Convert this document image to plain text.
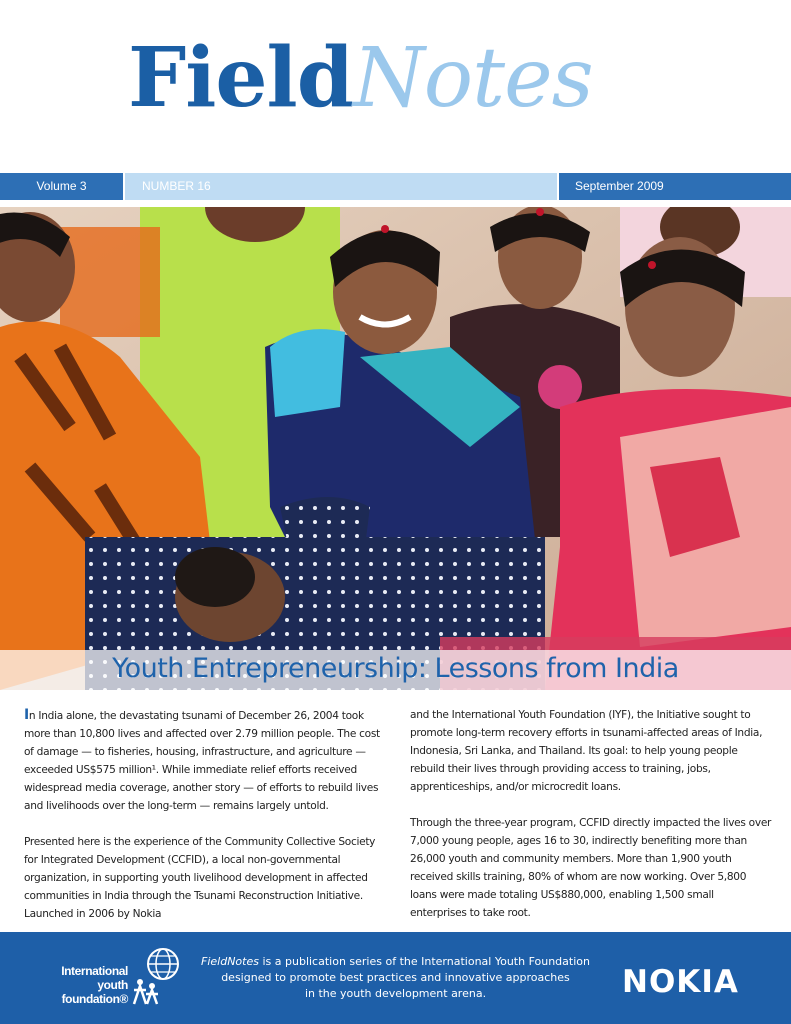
FieldNotes
Volume 3	NUMBER 16	September 2009
Youth Entrepreneurship: Lessons from India

In India alone, the devastating tsunami of December 26, 2004 took more than 10,800 lives and affected over 2.79 million people. The cost of damage — to fisheries, housing, infrastructure, and agriculture — exceeded US$575 million¹. While immediate relief efforts received widespread media coverage, another story — of efforts to rebuild lives and livelihoods over the long-term — remains largely untold.

Presented here is the experience of the Community Collective Society for Integrated Development (CCFID), a local non-governmental organization, in supporting youth livelihood development in affected communities in India through the Tsunami Reconstruction Initiative. Launched in 2006 by Nokia

and the International Youth Foundation (IYF), the Initiative sought to promote long-term recovery efforts in tsunami-affected areas of India, Indonesia, Sri Lanka, and Thailand. Its goal: to help young people rebuild their lives through providing access to training, jobs, apprenticeships, and/or microcredit loans.

Through the three-year program, CCFID directly impacted the lives over 7,000 young people, ages 16 to 30, indirectly benefiting more than 26,000 youth and community members. More than 1,900 youth received skills training, 80% of whom are now working. Over 5,800 loans were made totaling US$880,000, enabling 1,500 small enterprises to take root.

International
youth
foundation®
FieldNotes is a publication series of the International Youth Foundation
designed to promote best practices and innovative approaches
in the youth development arena.	NOKIA
